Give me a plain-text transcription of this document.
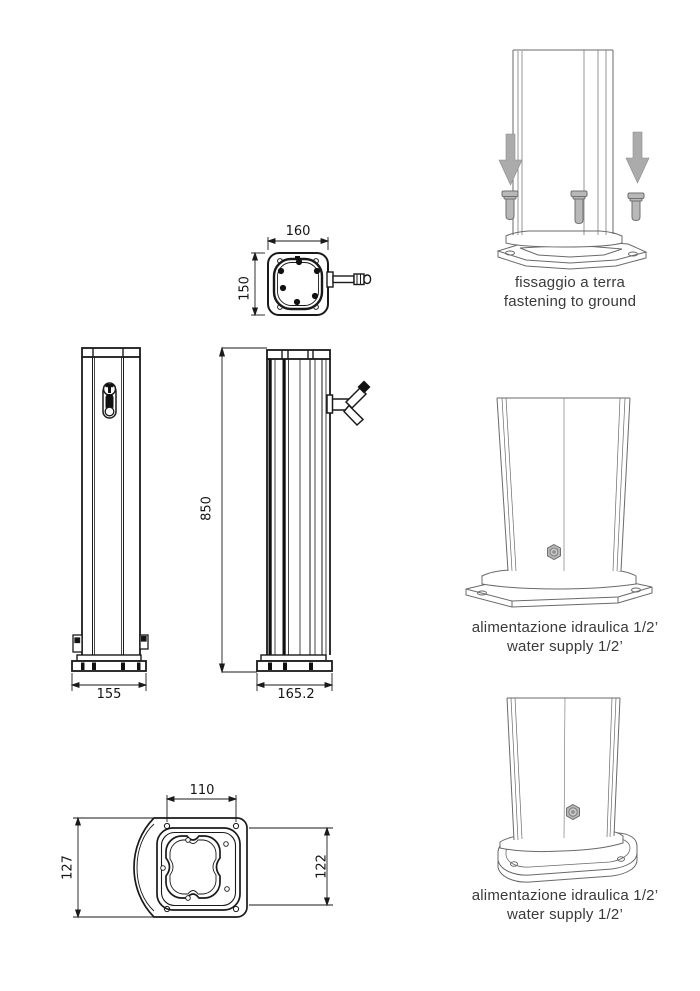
160
150
155
850
165.2
110
127	122
fissaggio a terra
fastening to ground
alimentazione idraulica 1/2’
water supply 1/2’
alimentazione idraulica 1/2’
water supply 1/2’
